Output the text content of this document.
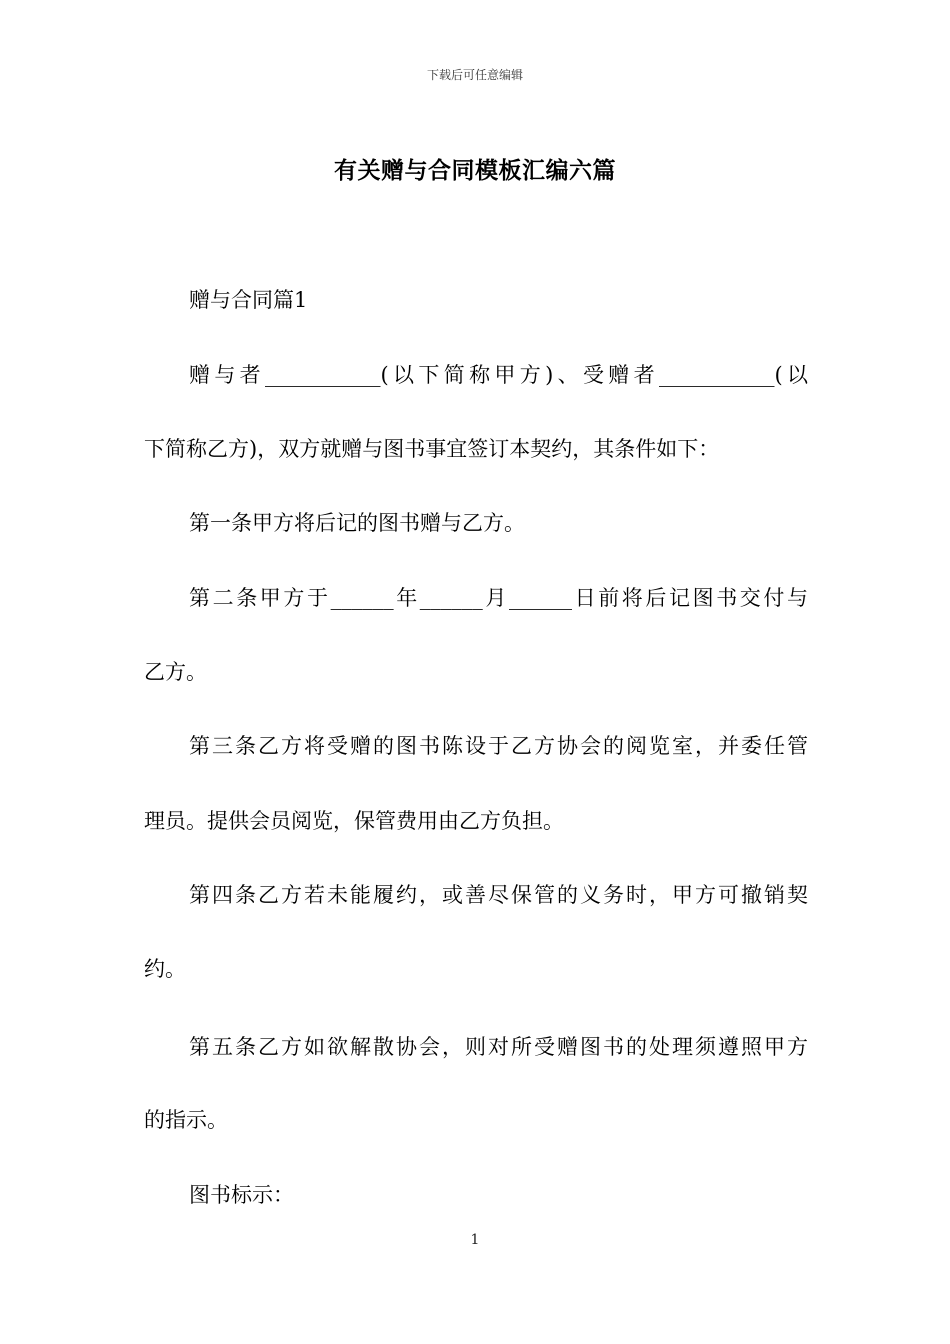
下载后可任意编辑
有关赠与合同模板汇编六篇
赠与合同篇1
赠与者___________(以下简称甲方)、受赠者___________(以
下简称乙方)，双方就赠与图书事宜签订本契约，其条件如下：
第一条甲方将后记的图书赠与乙方。
第二条甲方于______年______月______日前将后记图书交付与
乙方。
第三条乙方将受赠的图书陈设于乙方协会的阅览室，并委任管
理员。提供会员阅览，保管费用由乙方负担。
第四条乙方若未能履约，或善尽保管的义务时，甲方可撤销契
约。
第五条乙方如欲解散协会，则对所受赠图书的处理须遵照甲方
的指示。
图书标示：
1
